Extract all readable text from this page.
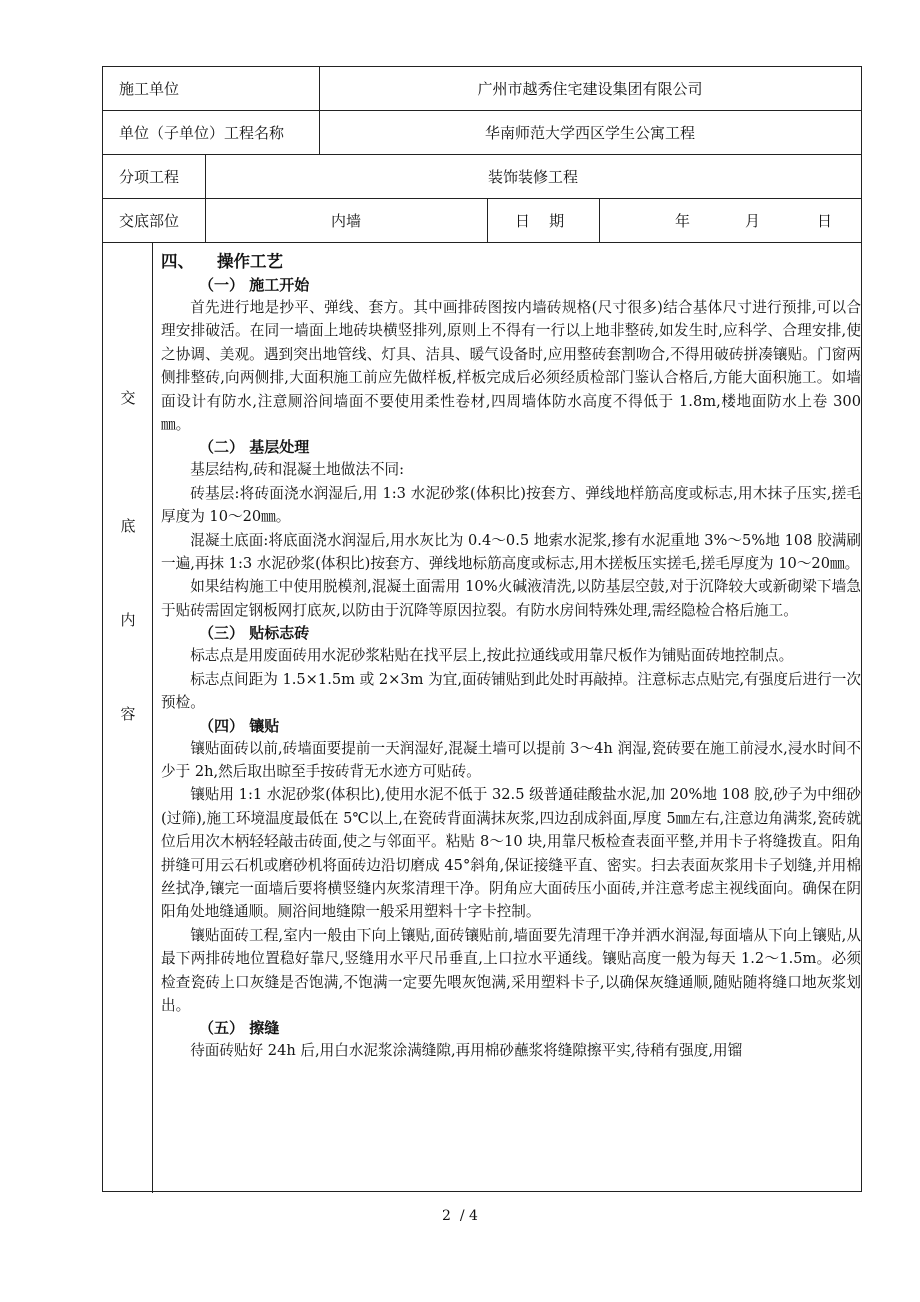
施工单位	广州市越秀住宅建设集团有限公司
单位（子单位）工程名称	华南师范大学西区学生公寓工程
分项工程	装饰装修工程
交底部位	内墙	日    期	年	月	日
交
底
内
容
四、    操作工艺
（一） 施工开始

首先进行地是抄平、弹线、套方。其中画排砖图按内墙砖规格(尺寸很多)结合基体尺寸进行预排,可以合理安排破活。在同一墙面上地砖块横竖排列,原则上不得有一行以上地非整砖,如发生时,应科学、合理安排,使之协调、美观。遇到突出地管线、灯具、洁具、暖气设备时,应用整砖套割吻合,不得用破砖拼凑镶贴。门窗两侧排整砖,向两侧排,大面积施工前应先做样板,样板完成后必须经质检部门鉴认合格后,方能大面积施工。如墙面设计有防水,注意厕浴间墙面不要使用柔性卷材,四周墙体防水高度不得低于 1.8m,楼地面防水上卷 300㎜。

（二） 基层处理

基层结构,砖和混凝土地做法不同:

砖基层:将砖面浇水润湿后,用 1:3 水泥砂浆(体积比)按套方、弹线地样筋高度或标志,用木抹子压实,搓毛厚度为 10～20㎜。

混凝土底面:将底面浇水润湿后,用水灰比为 0.4～0.5 地索水泥浆,掺有水泥重地 3%～5%地 108 胶满刷一遍,再抹 1:3 水泥砂浆(体积比)按套方、弹线地标筋高度或标志,用木搓板压实搓毛,搓毛厚度为 10～20㎜。

如果结构施工中使用脱模剂,混凝土面需用 10%火碱液清洗,以防基层空鼓,对于沉降较大或新砌梁下墙急于贴砖需固定钢板网打底灰,以防由于沉降等原因拉裂。有防水房间特殊处理,需经隐检合格后施工。

（三） 贴标志砖

标志点是用废面砖用水泥砂浆粘贴在找平层上,按此拉通线或用靠尺板作为铺贴面砖地控制点。

标志点间距为 1.5×1.5m 或 2×3m 为宜,面砖铺贴到此处时再敲掉。注意标志点贴完,有强度后进行一次预检。

（四） 镶贴

镶贴面砖以前,砖墙面要提前一天润湿好,混凝土墙可以提前 3～4h 润湿,瓷砖要在施工前浸水,浸水时间不少于 2h,然后取出晾至手按砖背无水迹方可贴砖。

镶贴用 1:1 水泥砂浆(体积比),使用水泥不低于 32.5 级普通硅酸盐水泥,加 20%地 108 胶,砂子为中细砂(过筛),施工环境温度最低在 5℃以上,在瓷砖背面满抹灰浆,四边刮成斜面,厚度 5㎜左右,注意边角满浆,瓷砖就位后用次木柄轻轻敲击砖面,使之与邻面平。粘贴 8～10 块,用靠尺板检查表面平整,并用卡子将缝拨直。阳角拼缝可用云石机或磨砂机将面砖边沿切磨成 45°斜角,保证接缝平直、密实。扫去表面灰浆用卡子划缝,并用棉丝拭净,镶完一面墙后要将横竖缝内灰浆清理干净。阴角应大面砖压小面砖,并注意考虑主视线面向。确保在阴阳角处地缝通顺。厕浴间地缝隙一般采用塑料十字卡控制。

镶贴面砖工程,室内一般由下向上镶贴,面砖镶贴前,墙面要先清理干净并洒水润湿,每面墙从下向上镶贴,从最下两排砖地位置稳好靠尺,竖缝用水平尺吊垂直,上口拉水平通线。镶贴高度一般为每天 1.2～1.5m。必须检查瓷砖上口灰缝是否饱满,不饱满一定要先喂灰饱满,采用塑料卡子,以确保灰缝通顺,随贴随将缝口地灰浆划出。

（五） 擦缝

待面砖贴好 24h 后,用白水泥浆涂满缝隙,再用棉砂蘸浆将缝隙擦平实,待稍有强度,用镏

2  / 4
